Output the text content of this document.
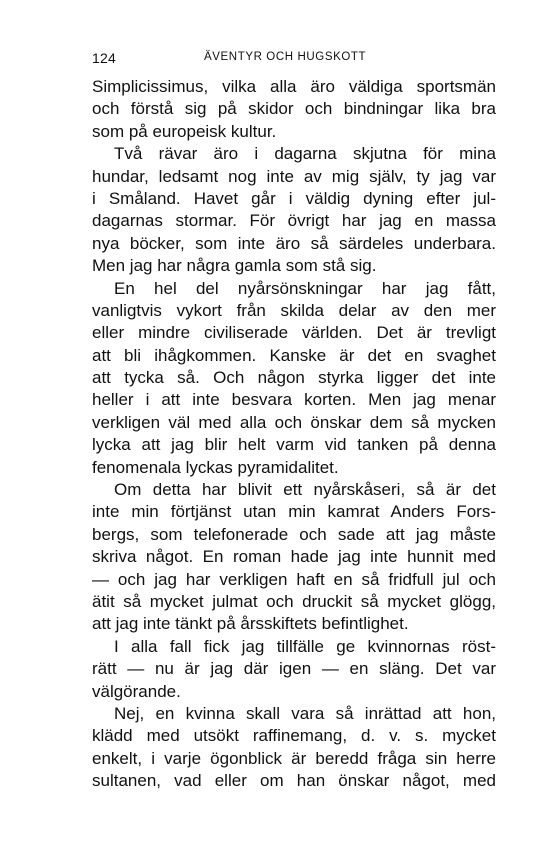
124	ÄVENTYR OCH HUGSKOTT
Simplicissimus, vilka alla äro väldiga sportsmän
och förstå sig på skidor och bindningar lika bra
som på europeisk kultur.
Två rävar äro i dagarna skjutna för mina
hundar, ledsamt nog inte av mig själv, ty jag var
i Småland. Havet går i väldig dyning efter jul-
dagarnas stormar. För övrigt har jag en massa
nya böcker, som inte äro så särdeles underbara.
Men jag har några gamla som stå sig.
En hel del nyårsönskningar har jag fått,
vanligtvis vykort från skilda delar av den mer
eller mindre civiliserade världen. Det är trevligt
att bli ihågkommen. Kanske är det en svaghet
att tycka så. Och någon styrka ligger det inte
heller i att inte besvara korten. Men jag menar
verkligen väl med alla och önskar dem så mycken
lycka att jag blir helt varm vid tanken på denna
fenomenala lyckas pyramidalitet.
Om detta har blivit ett nyårskåseri, så är det
inte min förtjänst utan min kamrat Anders Fors-
bergs, som telefonerade och sade att jag måste
skriva något. En roman hade jag inte hunnit med
— och jag har verkligen haft en så fridfull jul och
ätit så mycket julmat och druckit så mycket glögg,
att jag inte tänkt på årsskiftets befintlighet.
I alla fall fick jag tillfälle ge kvinnornas röst-
rätt — nu är jag där igen — en släng. Det var
välgörande.
Nej, en kvinna skall vara så inrättad att hon,
klädd med utsökt raffinemang, d. v. s. mycket
enkelt, i varje ögonblick är beredd fråga sin herre
sultanen, vad eller om han önskar något, med
